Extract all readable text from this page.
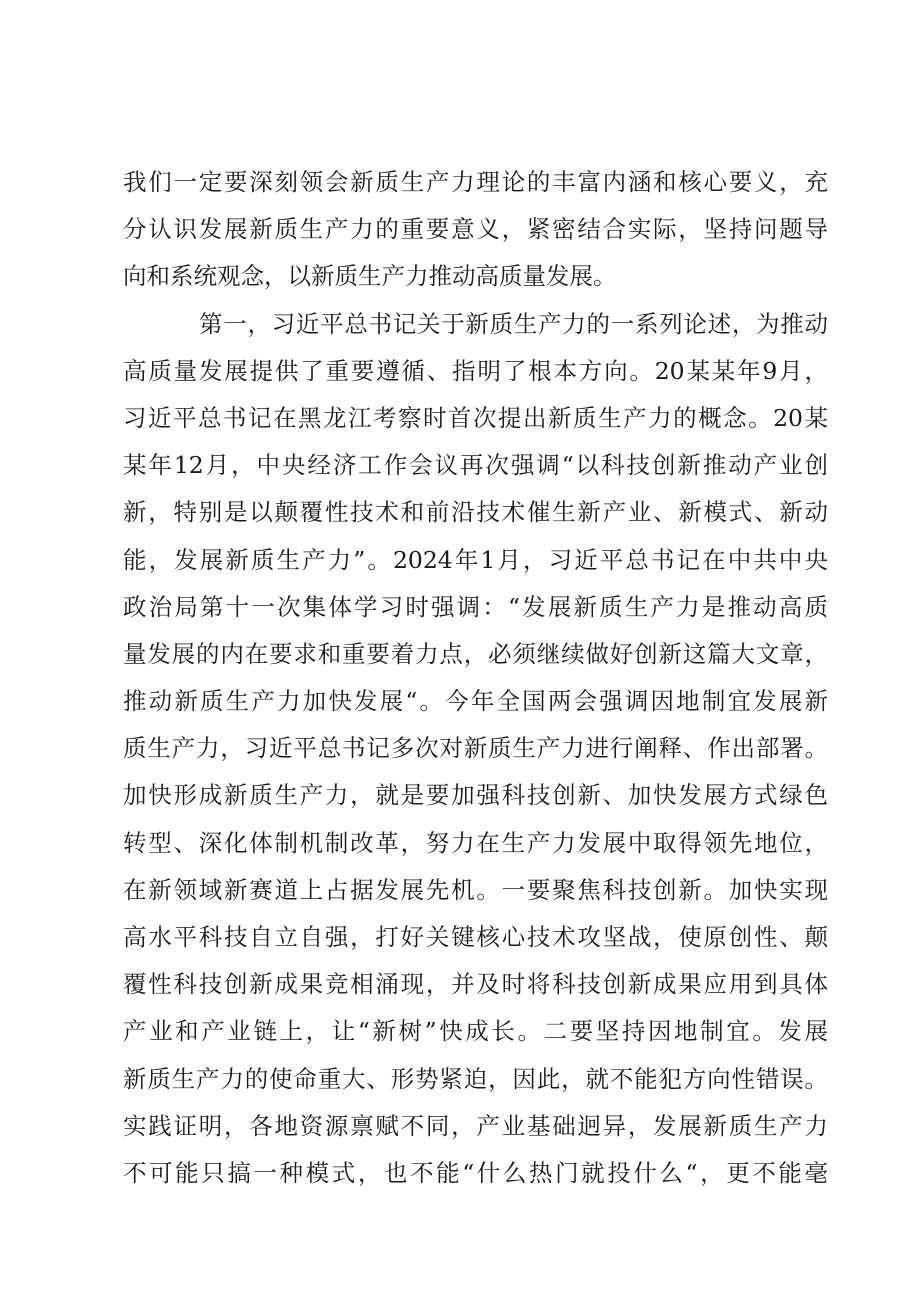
我们一定要深刻领会新质生产力理论的丰富内涵和核心要义，充
分认识发展新质生产力的重要意义，紧密结合实际，坚持问题导
向和系统观念，以新质生产力推动高质量发展。
第一，习近平总书记关于新质生产力的一系列论述，为推动
高质量发展提供了重要遵循、指明了根本方向。20某某年9月，
习近平总书记在黑龙江考察时首次提出新质生产力的概念。20某
某年12月，中央经济工作会议再次强调“以科技创新推动产业创
新，特别是以颠覆性技术和前沿技术催生新产业、新模式、新动
能，发展新质生产力”。2024年1月，习近平总书记在中共中央
政治局第十一次集体学习时强调：“发展新质生产力是推动高质
量发展的内在要求和重要着力点，必须继续做好创新这篇大文章，
推动新质生产力加快发展“。今年全国两会强调因地制宜发展新
质生产力，习近平总书记多次对新质生产力进行阐释、作出部署。
加快形成新质生产力，就是要加强科技创新、加快发展方式绿色
转型、深化体制机制改革，努力在生产力发展中取得领先地位，
在新领域新赛道上占据发展先机。一要聚焦科技创新。加快实现
高水平科技自立自强，打好关键核心技术攻坚战，使原创性、颠
覆性科技创新成果竞相涌现，并及时将科技创新成果应用到具体
产业和产业链上，让“新树”快成长。二要坚持因地制宜。发展
新质生产力的使命重大、形势紧迫，因此，就不能犯方向性错误。
实践证明，各地资源禀赋不同，产业基础迥异，发展新质生产力
不可能只搞一种模式，也不能“什么热门就投什么“，更不能毫
